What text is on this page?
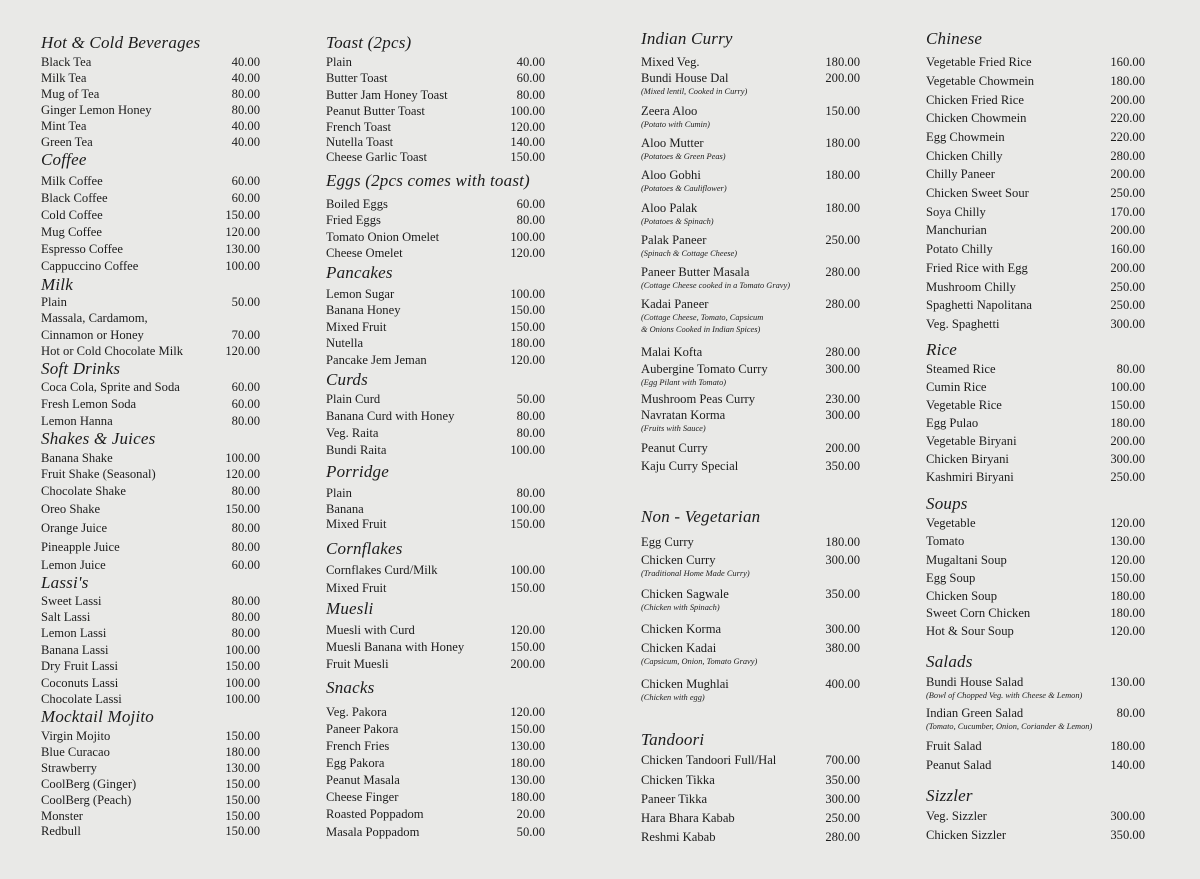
Hot & Cold Beverages
Black Tea	40.00
Milk Tea	40.00
Mug of Tea	80.00
Ginger Lemon Honey	80.00
Mint Tea	40.00
Green Tea	40.00
Coffee
Milk Coffee	60.00
Black Coffee	60.00
Cold Coffee	150.00
Mug Coffee	120.00
Espresso Coffee	130.00
Cappuccino Coffee	100.00
Milk
Plain	50.00
Massala, Cardamom,
Cinnamon or Honey	70.00
Hot or Cold Chocolate Milk	120.00
Soft Drinks
Coca Cola, Sprite and Soda	60.00
Fresh Lemon Soda	60.00
Lemon Hanna	80.00
Shakes & Juices
Banana Shake	100.00
Fruit Shake (Seasonal)	120.00
Chocolate Shake	80.00
Oreo Shake	150.00
Orange Juice	80.00
Pineapple Juice	80.00
Lemon Juice	60.00
Lassi's
Sweet Lassi	80.00
Salt Lassi	80.00
Lemon Lassi	80.00
Banana Lassi	100.00
Dry Fruit Lassi	150.00
Coconuts Lassi	100.00
Chocolate Lassi	100.00
Mocktail Mojito
Virgin Mojito	150.00
Blue Curacao	180.00
Strawberry	130.00
CoolBerg (Ginger)	150.00
CoolBerg (Peach)	150.00
Monster	150.00
Redbull	150.00
Toast (2pcs)
Plain	40.00
Butter Toast	60.00
Butter Jam Honey Toast	80.00
Peanut Butter Toast	100.00
French Toast	120.00
Nutella Toast	140.00
Cheese Garlic Toast	150.00
Eggs (2pcs comes with toast)
Boiled Eggs	60.00
Fried Eggs	80.00
Tomato Onion Omelet	100.00
Cheese Omelet	120.00
Pancakes
Lemon Sugar	100.00
Banana Honey	150.00
Mixed Fruit	150.00
Nutella	180.00
Pancake Jem Jeman	120.00
Curds
Plain Curd	50.00
Banana Curd with Honey	80.00
Veg. Raita	80.00
Bundi Raita	100.00
Porridge
Plain	80.00
Banana	100.00
Mixed Fruit	150.00
Cornflakes
Cornflakes Curd/Milk	100.00
Mixed Fruit	150.00
Muesli
Muesli with Curd	120.00
Muesli Banana with Honey	150.00
Fruit Muesli	200.00
Snacks
Veg. Pakora	120.00
Paneer Pakora	150.00
French Fries	130.00
Egg Pakora	180.00
Peanut Masala	130.00
Cheese Finger	180.00
Roasted Poppadom	20.00
Masala Poppadom	50.00
Indian Curry
Mixed Veg.	180.00
Bundi House Dal	200.00
(Mixed lentil, Cooked in Curry)
Zeera Aloo	150.00
(Potato with Cumin)
Aloo Mutter	180.00
(Potatoes & Green Peas)
Aloo Gobhi	180.00
(Potatoes & Cauliflower)
Aloo Palak	180.00
(Potatoes & Spinach)
Palak Paneer	250.00
(Spinach & Cottage Cheese)
Paneer Butter Masala	280.00
(Cottage Cheese cooked in a Tomato Gravy)
Kadai Paneer	280.00
(Cottage Cheese, Tomato, Capsicum
& Onions Cooked in Indian Spices)
Malai Kofta	280.00
Aubergine Tomato Curry	300.00
(Egg Pilant with Tomato)
Mushroom Peas Curry	230.00
Navratan Korma	300.00
(Fruits with Sauce)
Peanut Curry	200.00
Kaju Curry Special	350.00
Non - Vegetarian
Egg Curry	180.00
Chicken Curry	300.00
(Traditional Home Made Curry)
Chicken Sagwale	350.00
(Chicken with Spinach)
Chicken Korma	300.00
Chicken Kadai	380.00
(Capsicum, Onion, Tomato Gravy)
Chicken Mughlai	400.00
(Chicken with egg)
Tandoori
Chicken Tandoori Full/Hal	700.00
Chicken Tikka	350.00
Paneer Tikka	300.00
Hara Bhara Kabab	250.00
Reshmi Kabab	280.00
Chinese
Vegetable Fried Rice	160.00
Vegetable Chowmein	180.00
Chicken Fried Rice	200.00
Chicken Chowmein	220.00
Egg Chowmein	220.00
Chicken Chilly	280.00
Chilly Paneer	200.00
Chicken Sweet Sour	250.00
Soya Chilly	170.00
Manchurian	200.00
Potato Chilly	160.00
Fried Rice with Egg	200.00
Mushroom Chilly	250.00
Spaghetti Napolitana	250.00
Veg. Spaghetti	300.00
Rice
Steamed Rice	80.00
Cumin Rice	100.00
Vegetable Rice	150.00
Egg Pulao	180.00
Vegetable Biryani	200.00
Chicken Biryani	300.00
Kashmiri Biryani	250.00
Soups
Vegetable	120.00
Tomato	130.00
Mugaltani Soup	120.00
Egg Soup	150.00
Chicken Soup	180.00
Sweet Corn Chicken	180.00
Hot & Sour Soup	120.00
Salads
Bundi House Salad	130.00
(Bowl of Chopped Veg. with Cheese & Lemon)
Indian Green Salad	80.00
(Tomato, Cucumber, Onion, Coriander & Lemon)
Fruit Salad	180.00
Peanut Salad	140.00
Sizzler
Veg. Sizzler	300.00
Chicken Sizzler	350.00
